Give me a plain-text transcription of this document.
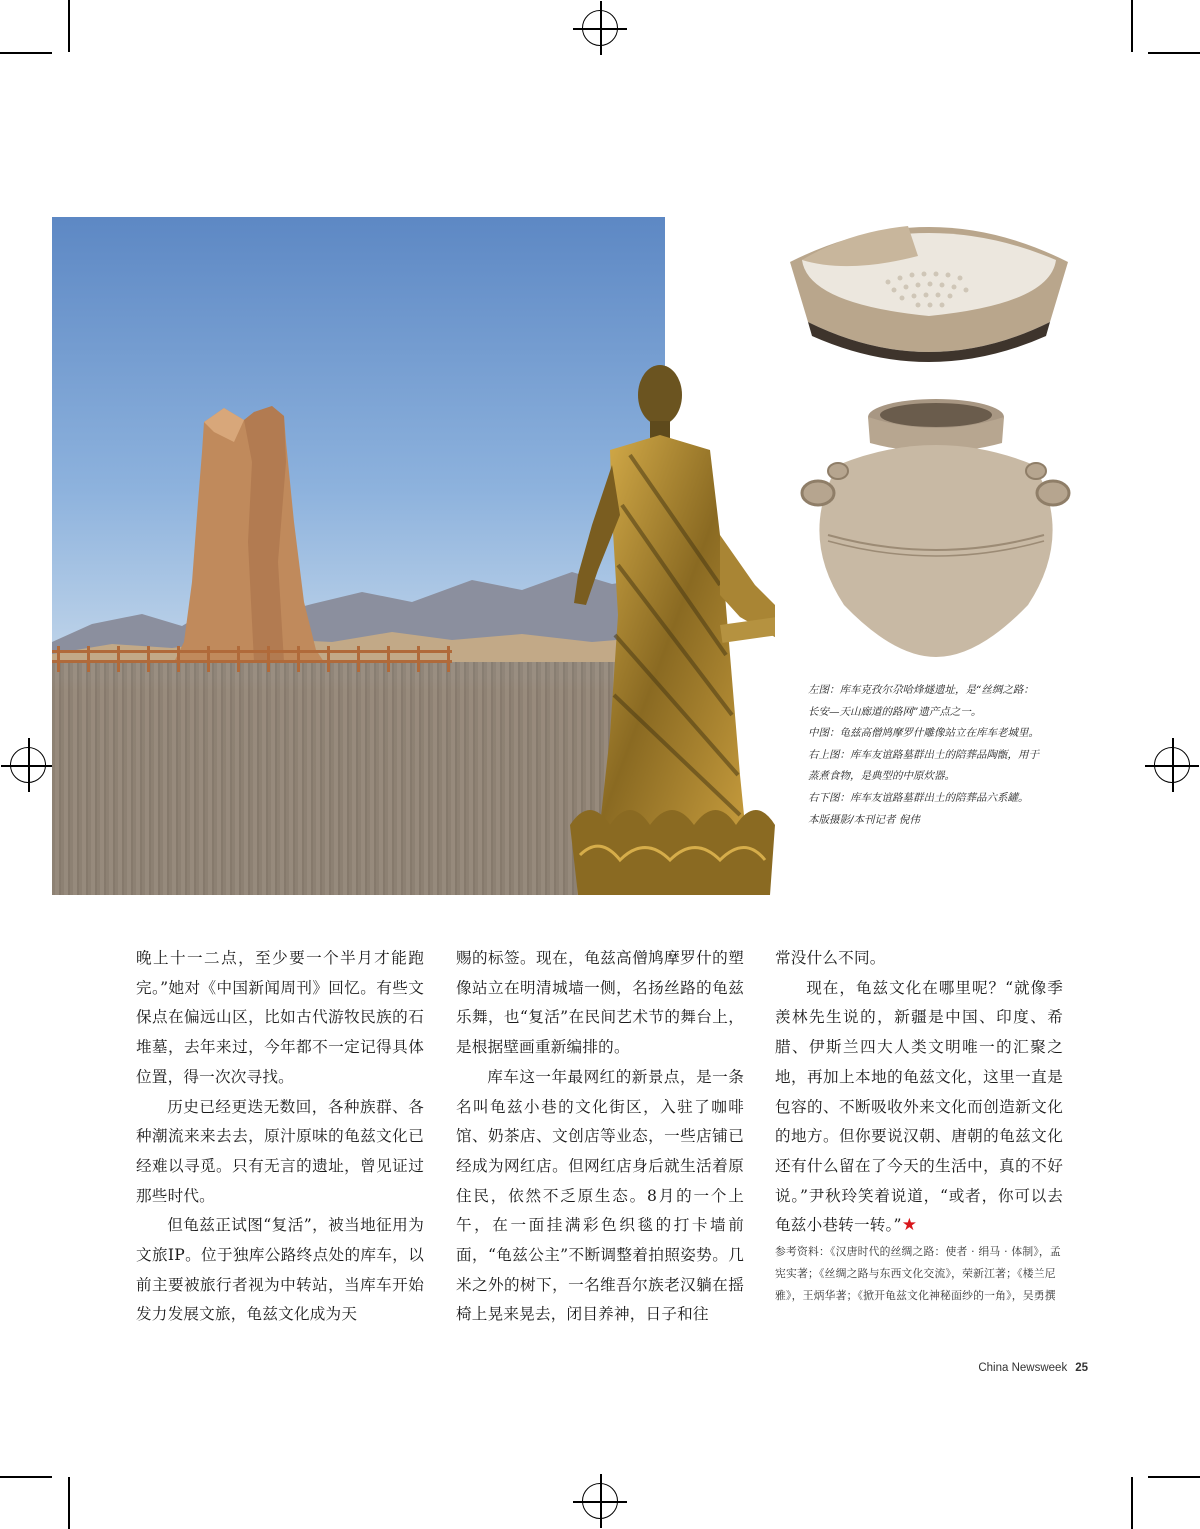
左图：库车克孜尔尕哈烽燧遗址，是“丝绸之路：

长安—天山廊道的路网”遗产点之一。

中图：龟兹高僧鸠摩罗什雕像站立在库车老城里。

右上图：库车友谊路墓群出土的陪葬品陶甑，用于

蒸煮食物，是典型的中原炊器。

右下图：库车友谊路墓群出土的陪葬品六系罐。

本版摄影/本刊记者 倪伟

晚上十一二点，至少要一个半月才能跑完。”她对《中国新闻周刊》回忆。有些文保点在偏远山区，比如古代游牧民族的石堆墓，去年来过，今年都不一定记得具体位置，得一次次寻找。

历史已经更迭无数回，各种族群、各种潮流来来去去，原汁原味的龟兹文化已经难以寻觅。只有无言的遗址，曾见证过那些时代。

但龟兹正试图“复活”，被当地征用为文旅IP。位于独库公路终点处的库车，以前主要被旅行者视为中转站，当库车开始发力发展文旅，龟兹文化成为天

赐的标签。现在，龟兹高僧鸠摩罗什的塑像站立在明清城墙一侧，名扬丝路的龟兹乐舞，也“复活”在民间艺术节的舞台上，是根据壁画重新编排的。

库车这一年最网红的新景点，是一条名叫龟兹小巷的文化街区，入驻了咖啡馆、奶茶店、文创店等业态，一些店铺已经成为网红店。但网红店身后就生活着原住民，依然不乏原生态。8月的一个上午，在一面挂满彩色织毯的打卡墙前面，“龟兹公主”不断调整着拍照姿势。几米之外的树下，一名维吾尔族老汉躺在摇椅上晃来晃去，闭目养神，日子和往

常没什么不同。

现在，龟兹文化在哪里呢？“就像季羡林先生说的，新疆是中国、印度、希腊、伊斯兰四大人类文明唯一的汇聚之地，再加上本地的龟兹文化，这里一直是包容的、不断吸收外来文化而创造新文化的地方。但你要说汉朝、唐朝的龟兹文化还有什么留在了今天的生活中，真的不好说。”尹秋玲笑着说道，“或者，你可以去龟兹小巷转一转。”★

参考资料：《汉唐时代的丝绸之路：使者 · 绢马 · 体制》，孟宪实著；《丝绸之路与东西文化交流》，荣新江著；《楼兰尼雅》，王炳华著；《掀开龟兹文化神秘面纱的一角》，吴勇撰

China Newsweek 25
